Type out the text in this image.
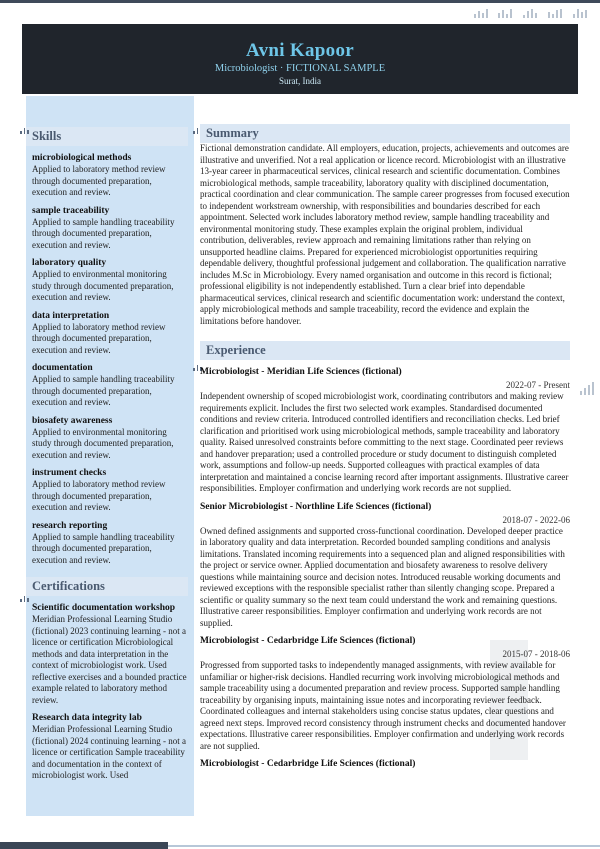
Avni Kapoor
Microbiologist · FICTIONAL SAMPLE
Surat, India
Skills
microbiological methods
Applied to laboratory method review through documented preparation, execution and review.
sample traceability
Applied to sample handling traceability through documented preparation, execution and review.
laboratory quality
Applied to environmental monitoring study through documented preparation, execution and review.
data interpretation
Applied to laboratory method review through documented preparation, execution and review.
documentation
Applied to sample handling traceability through documented preparation, execution and review.
biosafety awareness
Applied to environmental monitoring study through documented preparation, execution and review.
instrument checks
Applied to laboratory method review through documented preparation, execution and review.
research reporting
Applied to sample handling traceability through documented preparation, execution and review.
Certifications
Scientific documentation workshop
Meridian Professional Learning Studio (fictional) 2023 continuing learning - not a licence or certification Microbiological methods and data interpretation in the context of microbiologist work. Used reflective exercises and a bounded practice example related to laboratory method review.
Research data integrity lab
Meridian Professional Learning Studio (fictional) 2024 continuing learning - not a licence or certification Sample traceability and documentation in the context of microbiologist work. Used
Summary

Fictional demonstration candidate. All employers, education, projects, achievements and outcomes are illustrative and unverified. Not a real application or licence record. Microbiologist with an illustrative 13-year career in pharmaceutical services, clinical research and scientific documentation. Combines microbiological methods, sample traceability, laboratory quality with disciplined documentation, practical coordination and clear communication. The sample career progresses from focused execution to independent workstream ownership, with responsibilities and boundaries described for each appointment. Selected work includes laboratory method review, sample handling traceability and environmental monitoring study. These examples explain the original problem, individual contribution, deliverables, review approach and remaining limitations rather than relying on unsupported headline claims. Prepared for experienced microbiologist opportunities requiring dependable delivery, thoughtful professional judgement and collaboration. The qualification narrative includes M.Sc in Microbiology. Every named organisation and outcome in this record is fictional; professional eligibility is not independently established. Turn a clear brief into dependable pharmaceutical services, clinical research and scientific documentation work: understand the context, apply microbiological methods and sample traceability, record the evidence and explain the limitations before handover.

Experience
Microbiologist - Meridian Life Sciences (fictional)
2022-07 - Present
Independent ownership of scoped microbiologist work, coordinating contributors and making review requirements explicit. Includes the first two selected work examples. Standardised documented conditions and review criteria. Introduced controlled identifiers and reconciliation checks. Led brief clarification and prioritised work using microbiological methods, sample traceability and laboratory quality. Raised unresolved constraints before committing to the next stage. Coordinated peer reviews and handover preparation; used a controlled procedure or study document to distinguish completed work, assumptions and follow-up needs. Supported colleagues with practical examples of data interpretation and maintained a concise learning record after important assignments. Illustrative career responsibilities. Employer confirmation and underlying work records are not supplied.
Senior Microbiologist - Northline Life Sciences (fictional)
2018-07 - 2022-06
Owned defined assignments and supported cross-functional coordination. Developed deeper practice in laboratory quality and data interpretation. Recorded bounded sampling conditions and analysis limitations. Translated incoming requirements into a sequenced plan and aligned responsibilities with the project or service owner. Applied documentation and biosafety awareness to resolve delivery questions while maintaining source and decision notes. Introduced reusable working documents and reviewed exceptions with the responsible specialist rather than silently changing scope. Prepared a scientific or quality summary so the next team could understand the work and remaining questions. Illustrative career responsibilities. Employer confirmation and underlying work records are not supplied.
Microbiologist - Cedarbridge Life Sciences (fictional)
2015-07 - 2018-06
Progressed from supported tasks to independently managed assignments, with review available for unfamiliar or higher-risk decisions. Handled recurring work involving microbiological methods and sample traceability using a documented preparation and review process. Supported sample handling traceability by organising inputs, maintaining issue notes and incorporating reviewer feedback. Coordinated colleagues and internal stakeholders using concise status updates, clear questions and agreed next steps. Improved record consistency through instrument checks and documented handover expectations. Illustrative career responsibilities. Employer confirmation and underlying work records are not supplied.
Microbiologist - Cedarbridge Life Sciences (fictional)
